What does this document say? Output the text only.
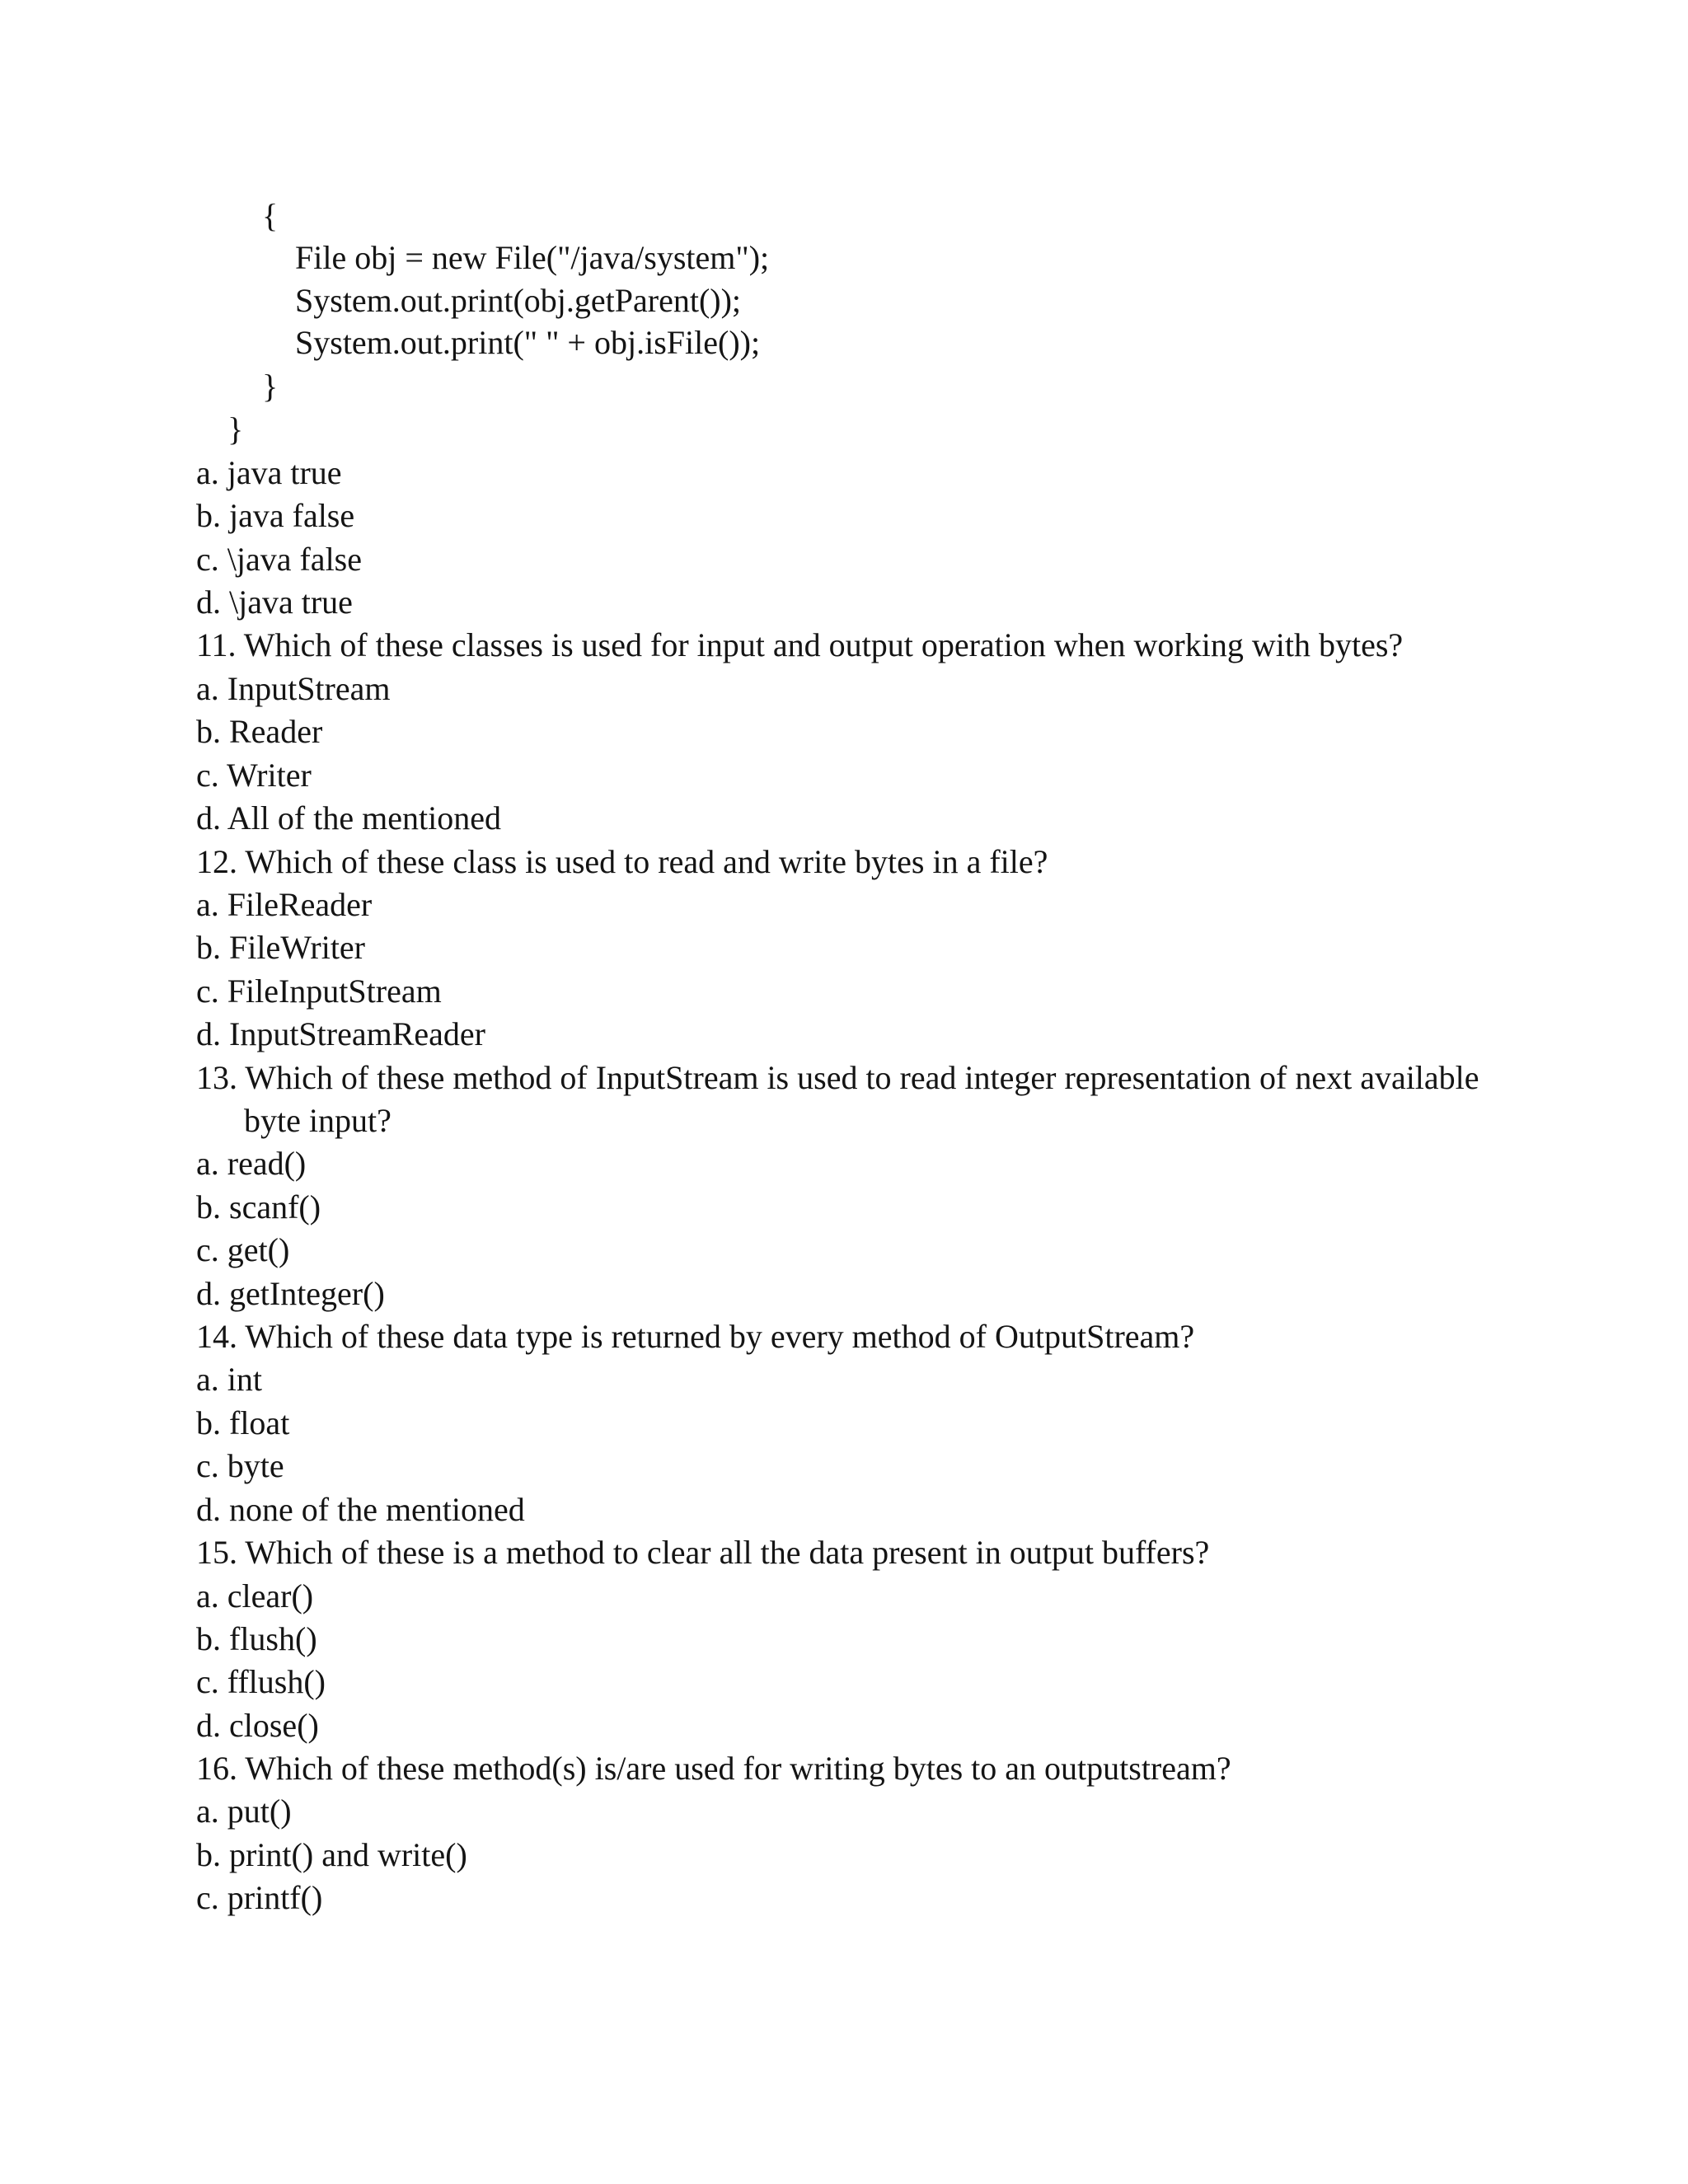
{
File obj = new File("/java/system");
System.out.print(obj.getParent());
System.out.print(" " + obj.isFile());
}
}
a. java true
b. java false
c. \java false
d. \java true
11. Which of these classes is used for input and output operation when working with bytes?
a. InputStream
b. Reader
c. Writer
d. All of the mentioned
12. Which of these class is used to read and write bytes in a file?
a. FileReader
b. FileWriter
c. FileInputStream
d. InputStreamReader
13. Which of these method of InputStream is used to read integer representation of next available
byte input?
a. read()
b. scanf()
c. get()
d. getInteger()
14. Which of these data type is returned by every method of OutputStream?
a. int
b. float
c. byte
d. none of the mentioned
15. Which of these is a method to clear all the data present in output buffers?
a. clear()
b. flush()
c. fflush()
d. close()
16. Which of these method(s) is/are used for writing bytes to an outputstream?
a. put()
b. print() and write()
c. printf()
